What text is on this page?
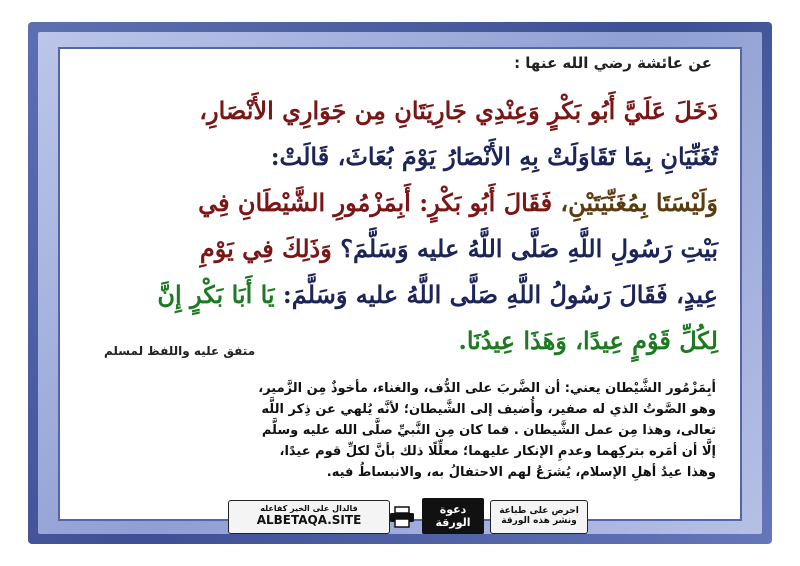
عن عائشة رضي الله عنها :
دَخَلَ عَلَيَّ أَبُو بَكْرٍ وَعِنْدِي جَارِيَتَانِ مِن جَوَارِي الأَنْصَارِ،
تُغَنِّيَانِ بِمَا تَقَاوَلَتْ بِهِ الأَنْصَارُ يَوْمَ بُعَاثَ، قَالَتْ:
وَلَيْسَتَا بِمُغَنِّيَتَيْنِ، فَقَالَ أَبُو بَكْرٍ: أَبِمَزْمُورِ الشَّيْطَانِ فِي
بَيْتِ رَسُولِ اللَّهِ صَلَّى اللَّهُ عليه وَسَلَّمَ؟ وَذَلِكَ فِي يَوْمِ
عِيدٍ، فَقَالَ رَسُولُ اللَّهِ صَلَّى اللَّهُ عليه وَسَلَّمَ: يَا أَبَا بَكْرٍ إِنَّ
لِكُلِّ قَوْمٍ عِيدًا، وَهَذَا عِيدُنَا.
متفق عليه واللفظ لمسلم
أبِمَزْمُور الشَّيْطان يعني: أن الضَّربَ على الدُّف، والغناء، مأخوذٌ مِن الزَّمير،
وهو الصَّوتُ الذي له صفير، وأُضيف إلى الشَّيطان؛ لأنَّه يُلهي عن ذِكر اللَّه
تعالى، وهذا مِن عمل الشَّيطان . فما كان مِن النَّبيِّ صلَّى الله عليه وسلَّم
إلَّا أن أمَره بتركِهما وعدمِ الإنكار عليهما؛ معلِّلًا ذلك بأنَّ لكلِّ قوم عيدًا،
وهذا عيدُ أهلِ الإسلام، يُشرَعُ لهم الاحتفالُ به، والانبساطُ فيه.
فالدال على الخير كفاعله
ALBETAQA.SITE
دعوة الورقة
احرص على طباعة
ونشر هذه الورقة
